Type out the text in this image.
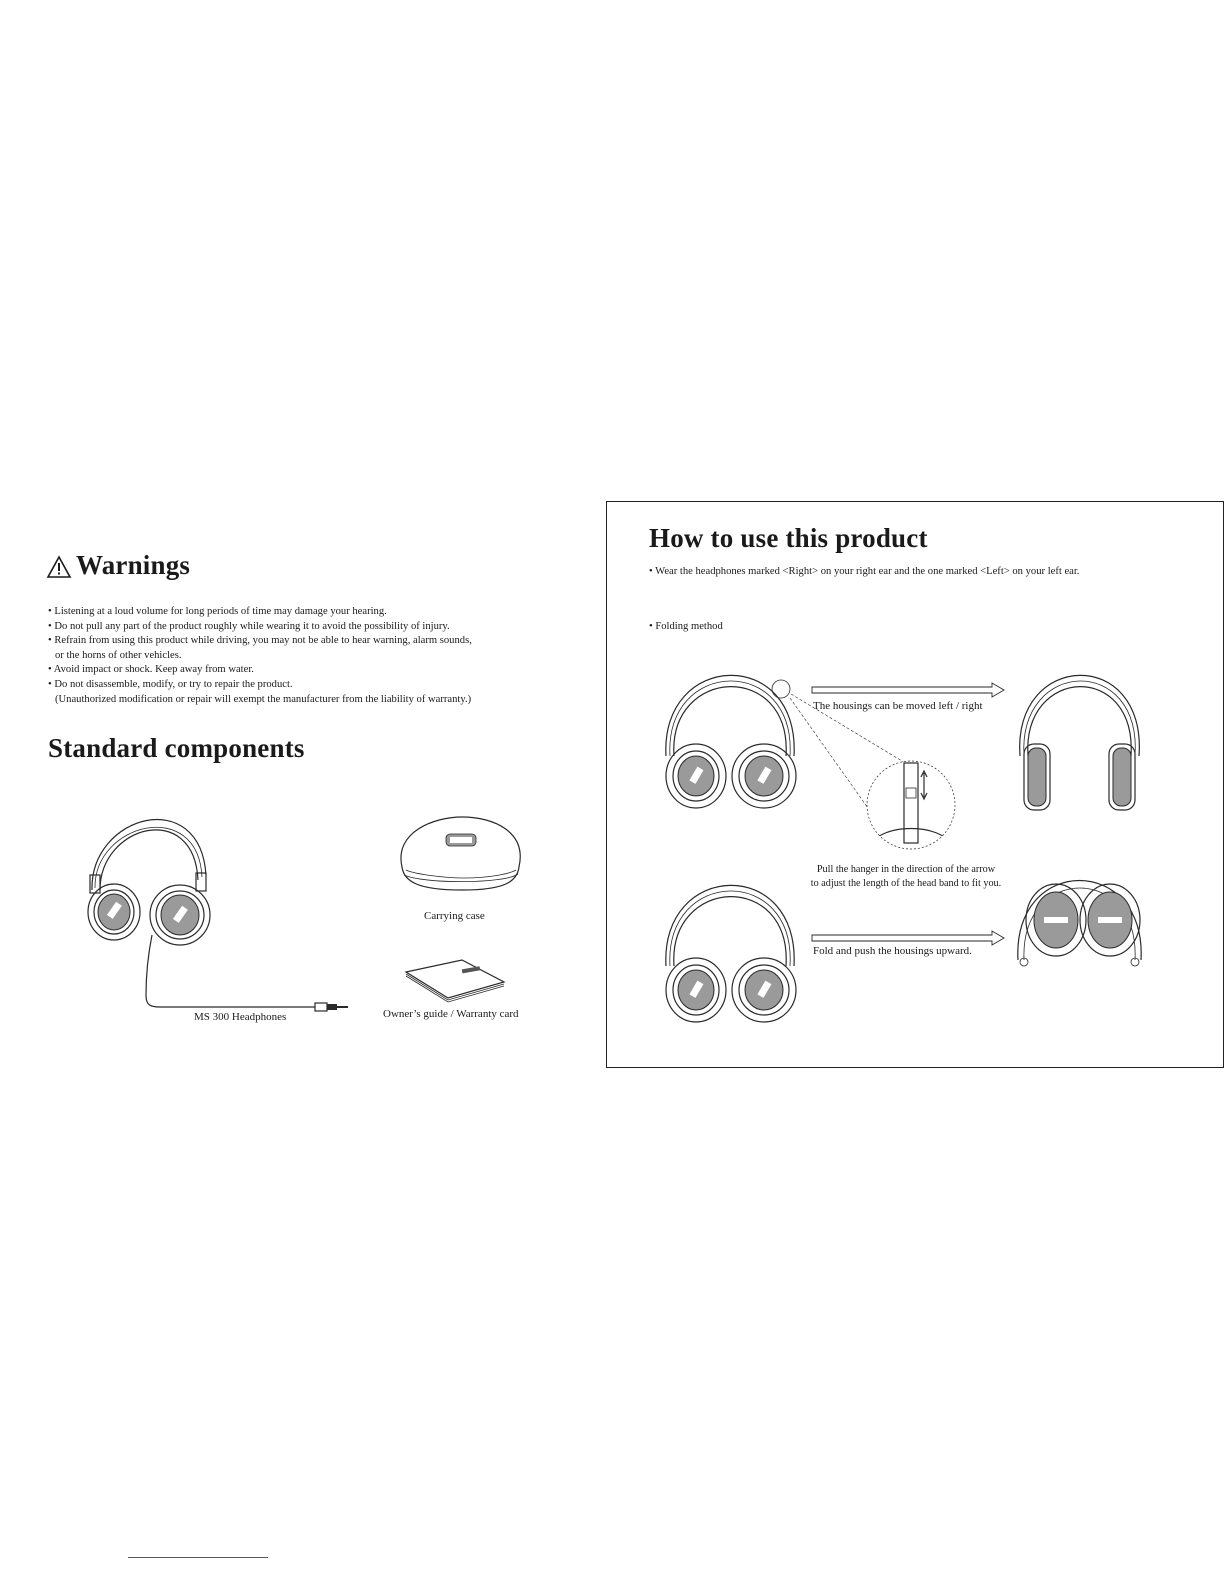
Warnings
• Listening at a loud volume for long periods of time may damage your hearing.
• Do not pull any part of the product roughly while wearing it to avoid the possibility of injury.
• Refrain from using this product while driving, you may not be able to hear warning, alarm sounds,
or the horns of other vehicles.
• Avoid impact or shock. Keep away from water.
• Do not disassemble, modify, or try to repair the product.
(Unauthorized modification or repair will exempt the manufacturer from the liability of warranty.)
Standard components
MS 300 Headphones
Carrying case
Owner’s guide / Warranty card
How to use this product
• Wear the headphones marked <Right> on your right ear and the one marked <Left> on your left ear.
• Folding method
The housings can be moved left / right
Pull the hanger in the direction of the arrow
to adjust the length of the head band to fit you.
Fold and push the housings upward.
